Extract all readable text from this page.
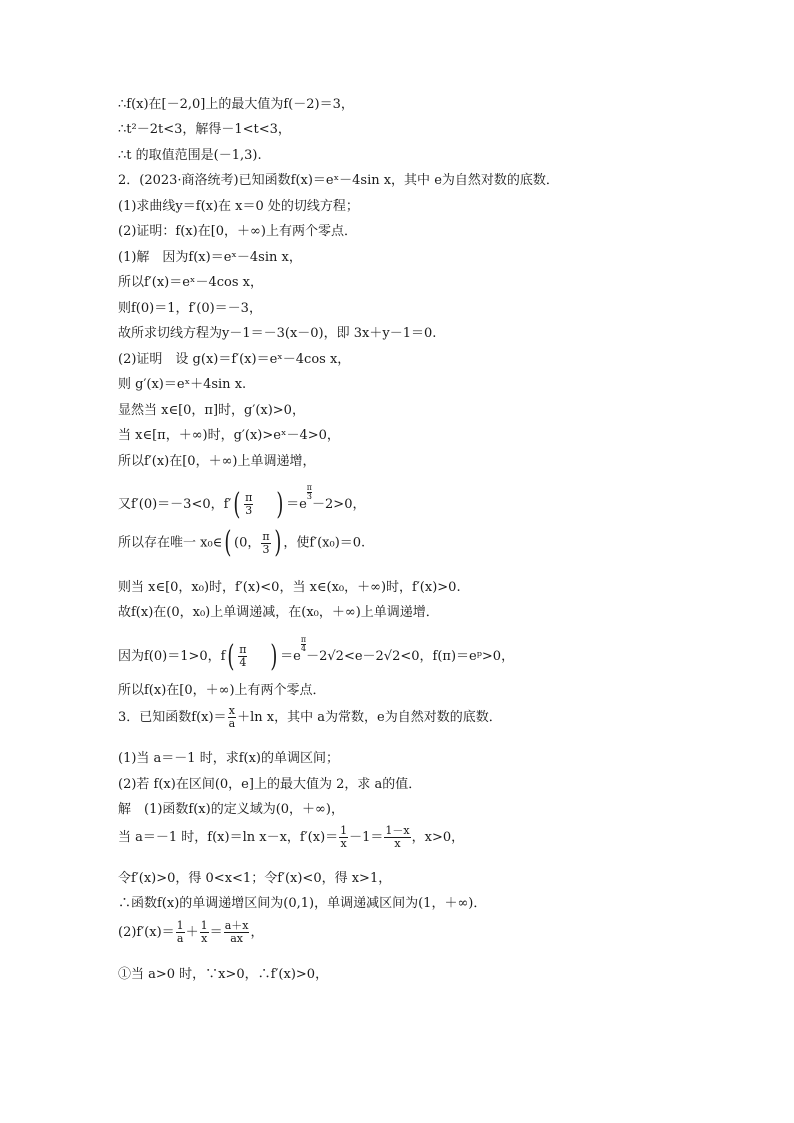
∴f(x)在[－2,0]上的最大值为f(－2)＝3，
∴t²－2t<3，解得－1<t<3，
∴t 的取值范围是(－1,3).
2．(2023·商洛统考)已知函数f(x)＝eˣ－4sin x，其中 e为自然对数的底数．
(1)求曲线y＝f(x)在 x＝0 处的切线方程；
(2)证明：f(x)在[0，＋∞)上有两个零点．
(1)解　因为f(x)＝eˣ－4sin x，
所以f′(x)＝eˣ－4cos x，
则f(0)＝1，f′(0)＝－3，
故所求切线方程为y－1＝－3(x－0)，即 3x＋y－1＝0.
(2)证明　设 g(x)＝f′(x)＝eˣ－4cos x，
则 g′(x)＝eˣ＋4sin x.
显然当 x∈[0，π]时，g′(x)>0，
当 x∈[π，＋∞)时，g′(x)>eˣ－4>0，
所以f′(x)在[0，＋∞)上单调递增，
又f′(0)＝－3<0，$f'( \frac{\pi}{3}$ ) ＝e
$\frac{\pi}{3}$
－2>0，
所以存在唯一 x₀∈( (0， $\frac{\pi}{3}$ ) ，使f′(x₀)＝0.
则当 x∈[0，x₀)时，f′(x)<0，当 x∈(x₀，＋∞)时，f′(x)>0.
故f(x)在(0，x₀)上单调递减，在(x₀，＋∞)上单调递增．
因为f(0)＝1>0，$f( \frac{\pi}{4}$ ) ＝e
$\frac{\pi}{4}$
－2√2<e－2√2<0，f(π)＝eᵖ>0，
所以f(x)在[0，＋∞)上有两个零点．
3．已知函数$f(x)= \frac{x}{a} +\ln$ x，其中 a为常数，e为自然对数的底数．
(1)当 a＝－1 时，求f(x)的单调区间；
(2)若 f(x)在区间(0，e]上的最大值为 2，求 a的值．
解　(1)函数f(x)的定义域为(0，＋∞)，
当 a＝－1 时，f(x)＝ln x－x，$f'(x)= \frac{1}{x} -1= \frac{1-x}{x}$ ，x>0，
令f′(x)>0，得 0<x<1；令f′(x)<0，得 x>1，
∴函数f(x)的单调递增区间为(0,1)，单调递减区间为(1，＋∞)．
$(2)f'(x)= \frac{1}{a} + \frac{1}{x} = \frac{a+x}{ax}$ ，
①当 a>0 时，∵x>0，∴f′(x)>0，
